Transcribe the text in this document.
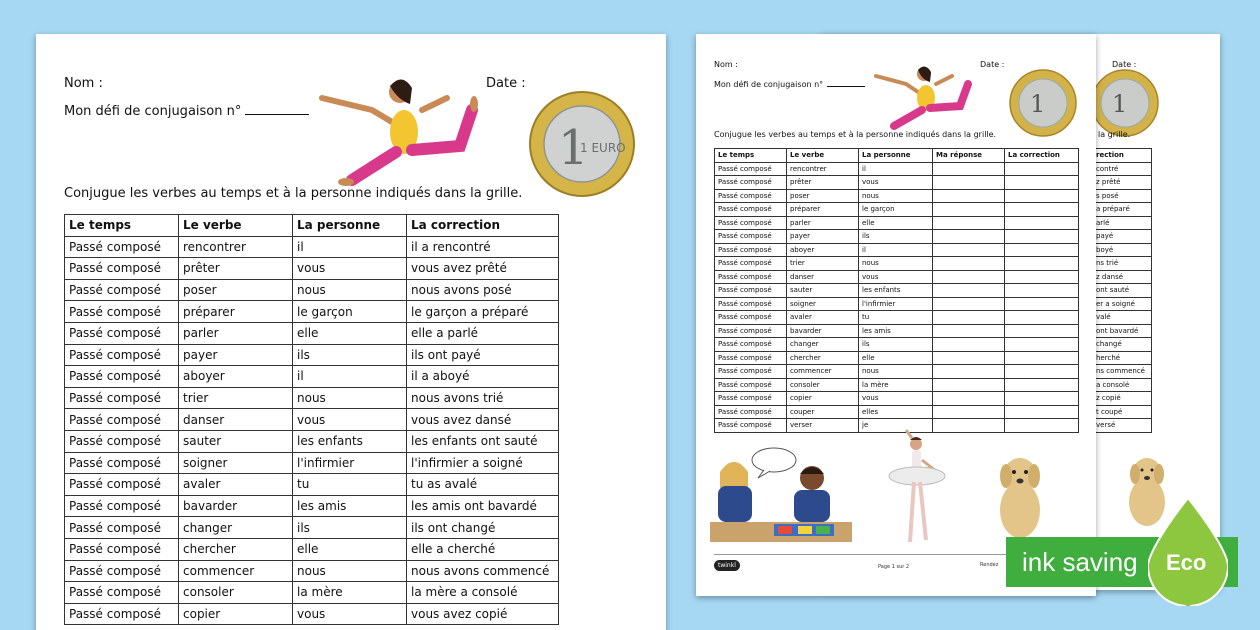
Date :
1
la grille.
rection
contré
z prêté
s posé
a préparé
arlé
payé
boyé
ns trié
z dansé
ont sauté
er a soigné
valé
ont bavardé
changé
herché
ns commencé
a consolé
z copié
t coupé
versé
Nom :	Date :
Mon défi de conjugaison n°
1
1 EURO
Conjugue les verbes au temps et à la personne indiqués dans la grille.
Le temps	Le verbe	La personne	La correction
Passé composé	rencontrer	il	il a rencontré
Passé composé	prêter	vous	vous avez prêté
Passé composé	poser	nous	nous avons posé
Passé composé	préparer	le garçon	le garçon a préparé
Passé composé	parler	elle	elle a parlé
Passé composé	payer	ils	ils ont payé
Passé composé	aboyer	il	il a aboyé
Passé composé	trier	nous	nous avons trié
Passé composé	danser	vous	vous avez dansé
Passé composé	sauter	les enfants	les enfants ont sauté
Passé composé	soigner	l'infirmier	l'infirmier a soigné
Passé composé	avaler	tu	tu as avalé
Passé composé	bavarder	les amis	les amis ont bavardé
Passé composé	changer	ils	ils ont changé
Passé composé	chercher	elle	elle a cherché
Passé composé	commencer	nous	nous avons commencé
Passé composé	consoler	la mère	la mère a consolé
Passé composé	copier	vous	vous avez copié
Nom :	Date :
Mon défi de conjugaison n°
1
Conjugue les verbes au temps et à la personne indiqués dans la grille.
Le temps	Le verbe	La personne	Ma réponse	La correction
Passé composé	rencontrer	il		
Passé composé	prêter	vous		
Passé composé	poser	nous		
Passé composé	préparer	le garçon		
Passé composé	parler	elle		
Passé composé	payer	ils		
Passé composé	aboyer	il		
Passé composé	trier	nous		
Passé composé	danser	vous		
Passé composé	sauter	les enfants		
Passé composé	soigner	l'infirmier		
Passé composé	avaler	tu		
Passé composé	bavarder	les amis		
Passé composé	changer	ils		
Passé composé	chercher	elle		
Passé composé	commencer	nous		
Passé composé	consoler	la mère		
Passé composé	copier	vous		
Passé composé	couper	elles		
Passé composé	verser	je		
twinkl	Page 1 sur 2	Rendez ink saving Eco
